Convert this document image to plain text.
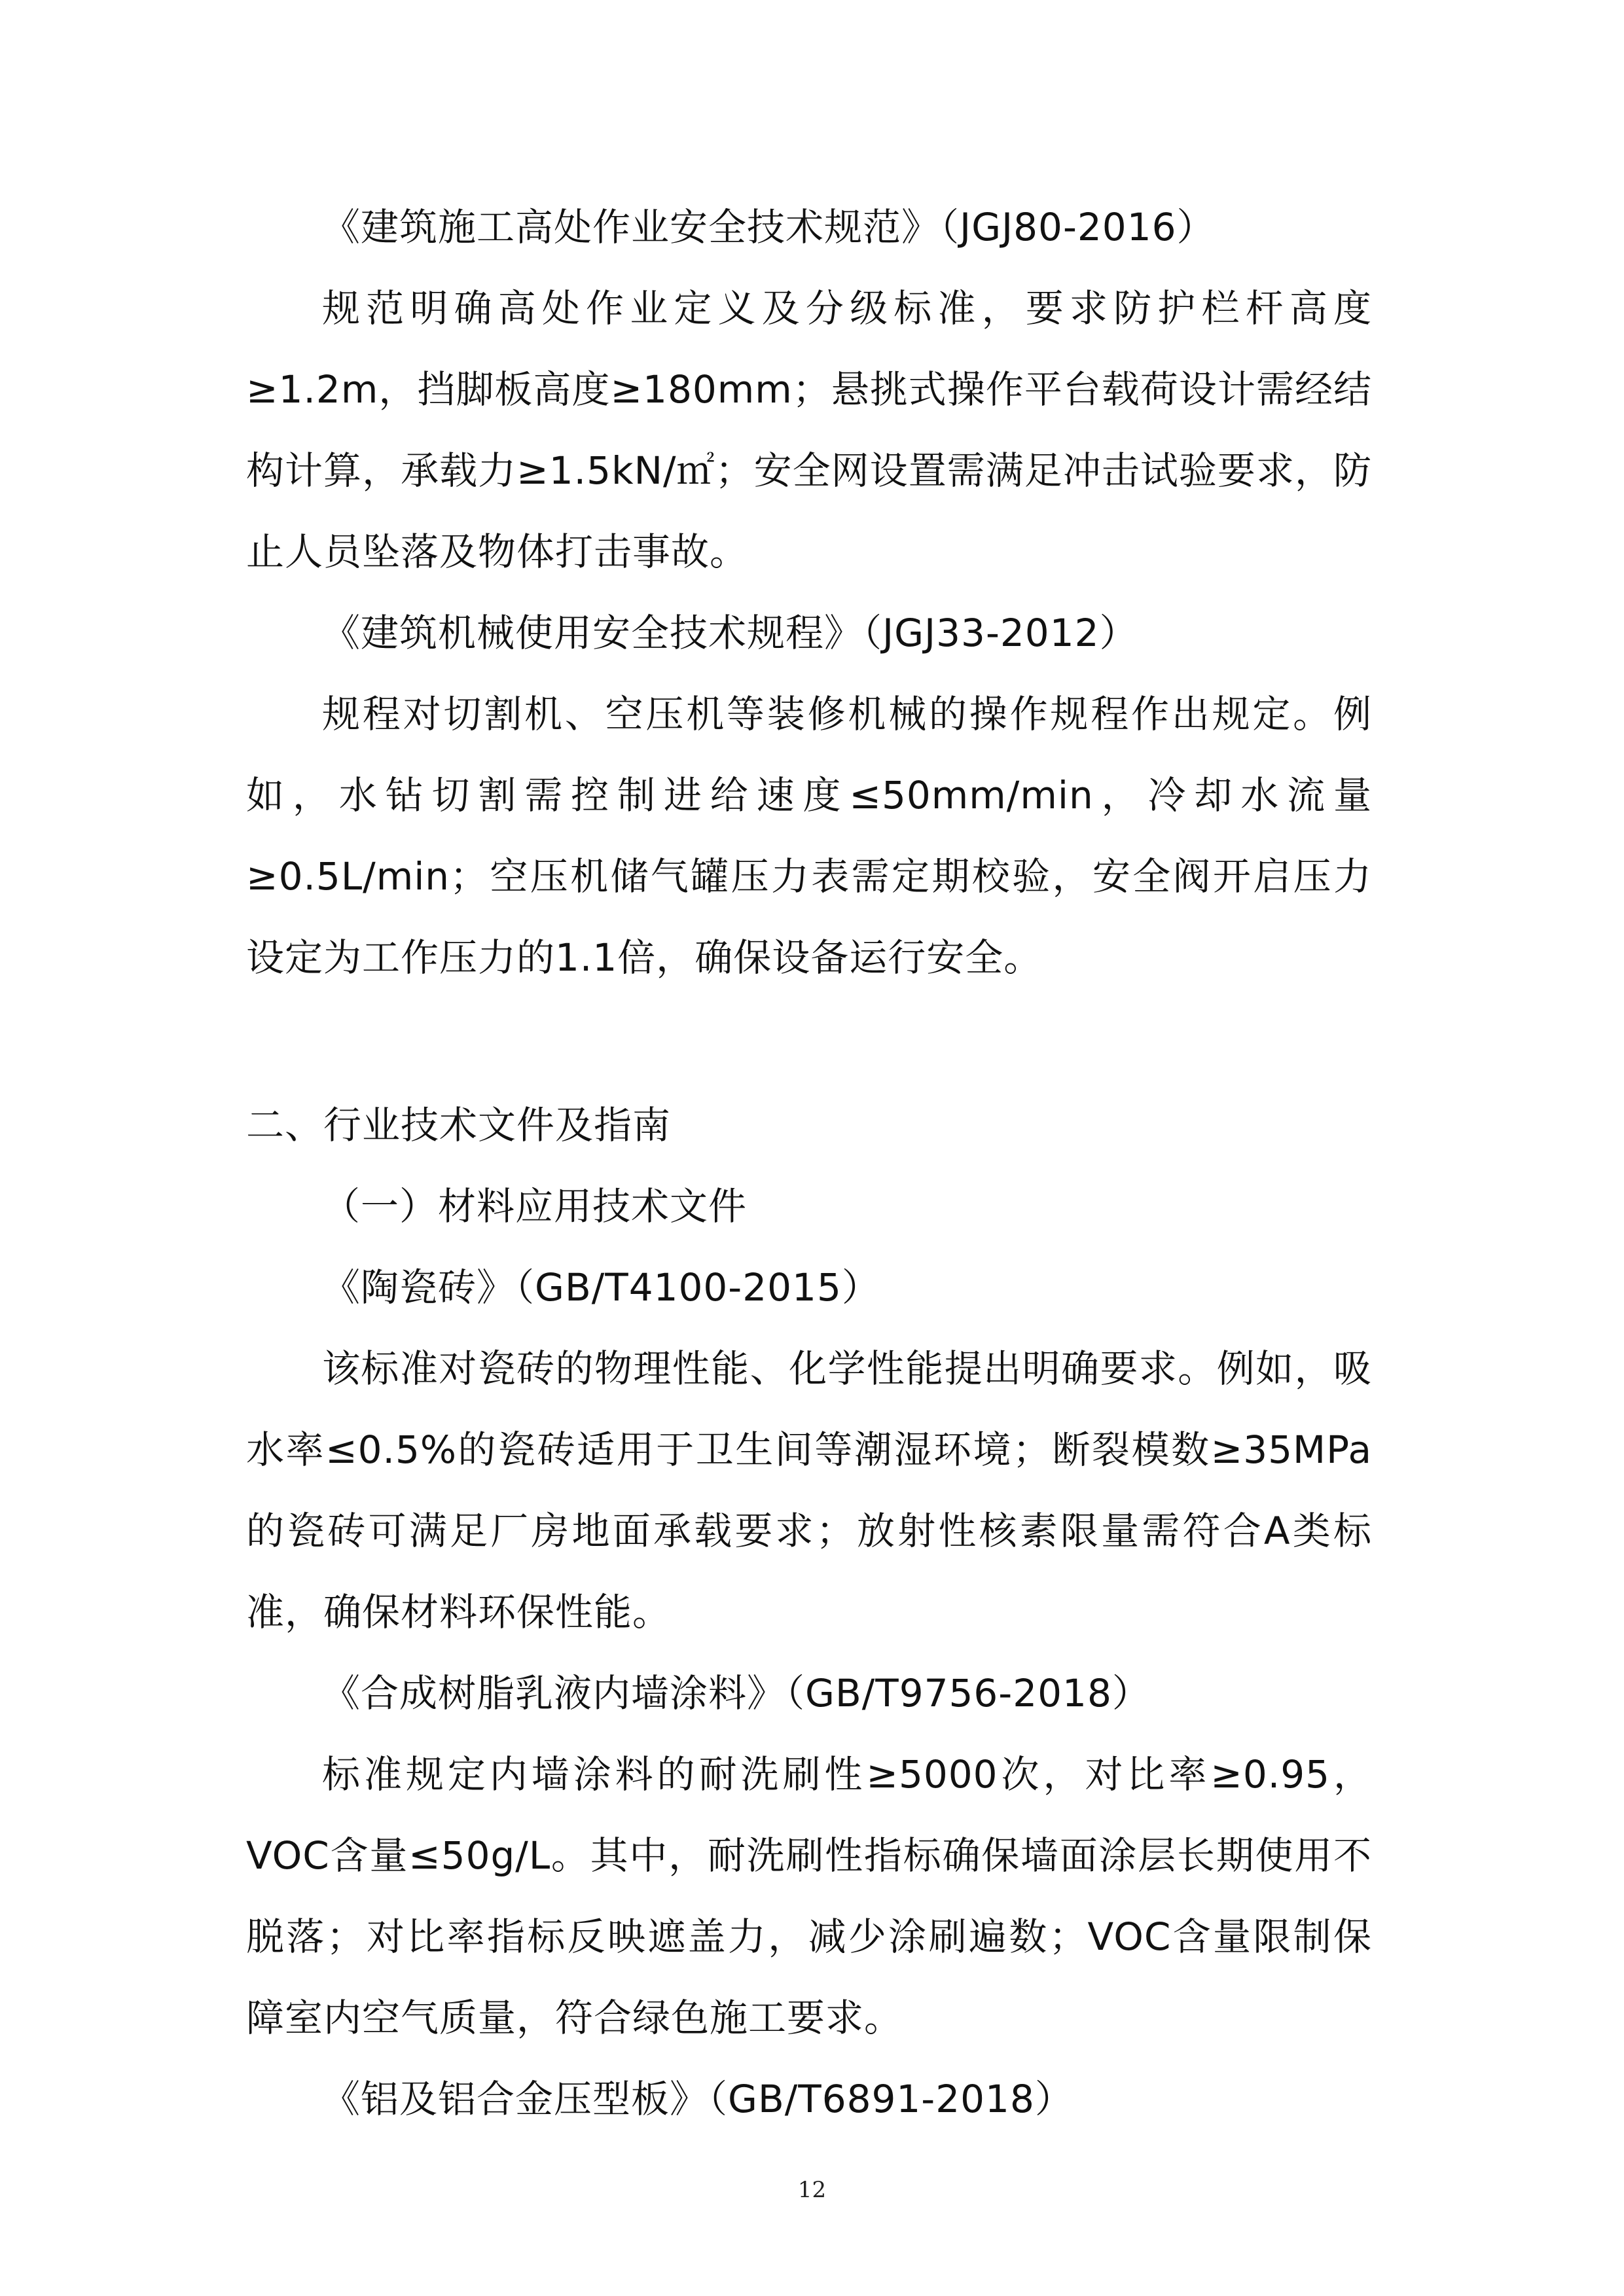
《建筑施工高处作业安全技术规范》（JGJ80-2016）

规范明确高处作业定义及分级标准，要求防护栏杆高度≥1.2m，挡脚板高度≥180mm；悬挑式操作平台载荷设计需经结构计算，承载力≥1.5kN/㎡；安全网设置需满足冲击试验要求，防止人员坠落及物体打击事故。

《建筑机械使用安全技术规程》（JGJ33-2012）

规程对切割机、空压机等装修机械的操作规程作出规定。例如，水钻切割需控制进给速度≤50mm/min，冷却水流量≥0.5L/min；空压机储气罐压力表需定期校验，安全阀开启压力设定为工作压力的1.1倍，确保设备运行安全。

二、行业技术文件及指南

（一）材料应用技术文件

《陶瓷砖》（GB/T4100-2015）

该标准对瓷砖的物理性能、化学性能提出明确要求。例如，吸水率≤0.5%的瓷砖适用于卫生间等潮湿环境；断裂模数≥35MPa的瓷砖可满足厂房地面承载要求；放射性核素限量需符合A类标准，确保材料环保性能。

《合成树脂乳液内墙涂料》（GB/T9756-2018）

标准规定内墙涂料的耐洗刷性≥5000次，对比率≥0.95，VOC含量≤50g/L。其中，耐洗刷性指标确保墙面涂层长期使用不脱落；对比率指标反映遮盖力，减少涂刷遍数；VOC含量限制保障室内空气质量，符合绿色施工要求。

《铝及铝合金压型板》（GB/T6891-2018）

12
